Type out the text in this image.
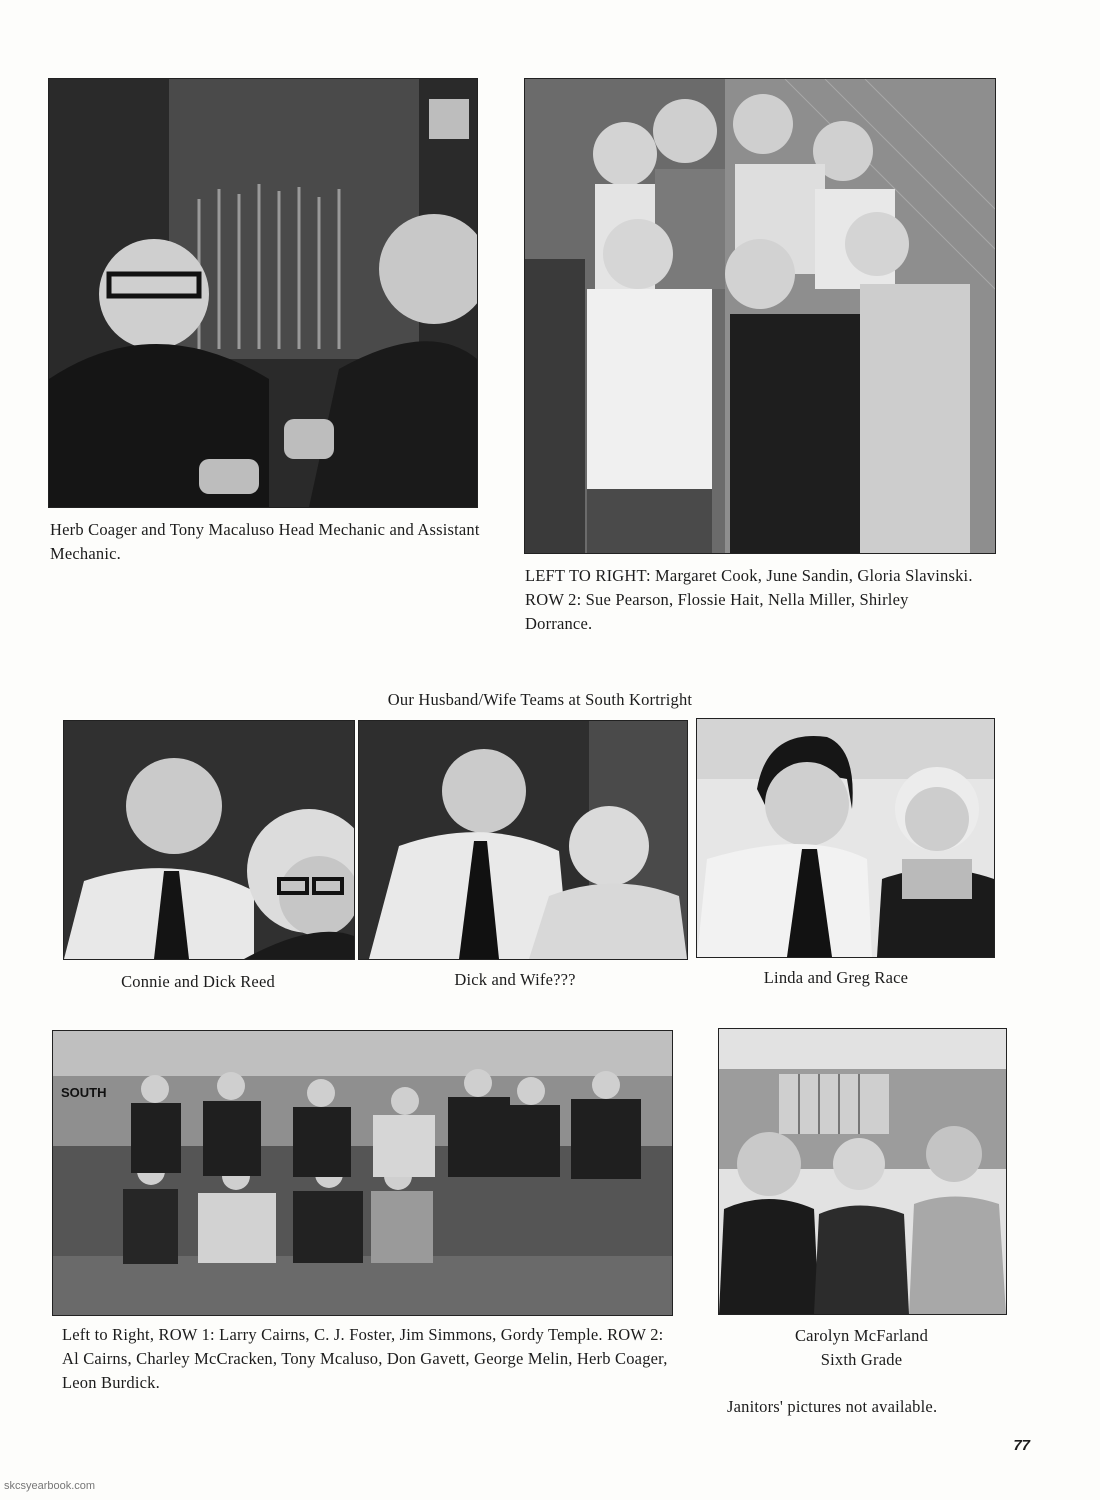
Herb Coager and Tony Macaluso Head Mechanic and Assistant Mechanic.
LEFT TO RIGHT: Margaret Cook, June Sandin, Gloria Slavinski. ROW 2: Sue Pearson, Flossie Hait, Nella Miller, Shirley Dorrance.
Our Husband/Wife Teams at South Kortright
Connie and Dick Reed	Dick and Wife???	Linda and Greg Race
SOUTH
Left to Right, ROW 1: Larry Cairns, C. J. Foster, Jim Simmons, Gordy Temple. ROW 2: Al Cairns, Charley McCracken, Tony Mcaluso, Don Gavett, George Melin, Herb Coager, Leon Burdick.
Carolyn McFarland
Sixth Grade
Janitors' pictures not available.
77
skcsyearbook.com
